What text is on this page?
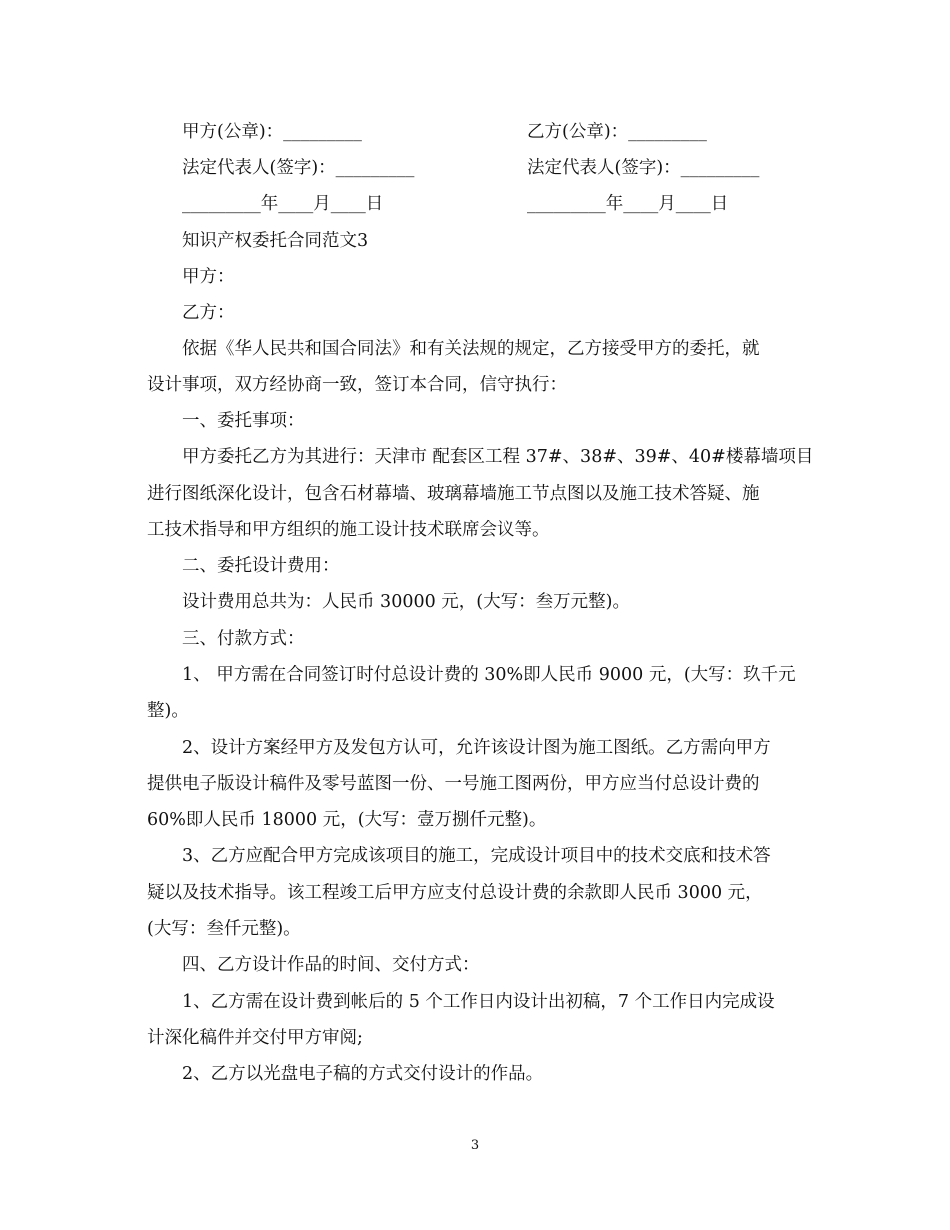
甲方(公章)：_________	乙方(公章)：_________
法定代表人(签字)：_________	法定代表人(签字)：_________
_________年____月____日	_________年____月____日
知识产权委托合同范文3
甲方：
乙方：
依据《华人民共和国合同法》和有关法规的规定，乙方接受甲方的委托，就
设计事项，双方经协商一致，签订本合同，信守执行：
一、委托事项：
甲方委托乙方为其进行：天津市 配套区工程 37#、38#、39#、40#楼幕墙项目
进行图纸深化设计，包含石材幕墙、玻璃幕墙施工节点图以及施工技术答疑、施
工技术指导和甲方组织的施工设计技术联席会议等。
二、委托设计费用：
设计费用总共为：人民币 30000 元，(大写：叁万元整)。
三、付款方式：
1、 甲方需在合同签订时付总设计费的 30%即人民币 9000 元，(大写：玖千元
整)。
2、设计方案经甲方及发包方认可，允许该设计图为施工图纸。乙方需向甲方
提供电子版设计稿件及零号蓝图一份、一号施工图两份，甲方应当付总设计费的
60%即人民币 18000 元，(大写：壹万捌仟元整)。
3、乙方应配合甲方完成该项目的施工，完成设计项目中的技术交底和技术答
疑以及技术指导。该工程竣工后甲方应支付总设计费的余款即人民币 3000 元，
(大写：叁仟元整)。
四、乙方设计作品的时间、交付方式：
1、乙方需在设计费到帐后的 5 个工作日内设计出初稿，7 个工作日内完成设
计深化稿件并交付甲方审阅;
2、乙方以光盘电子稿的方式交付设计的作品。
3
